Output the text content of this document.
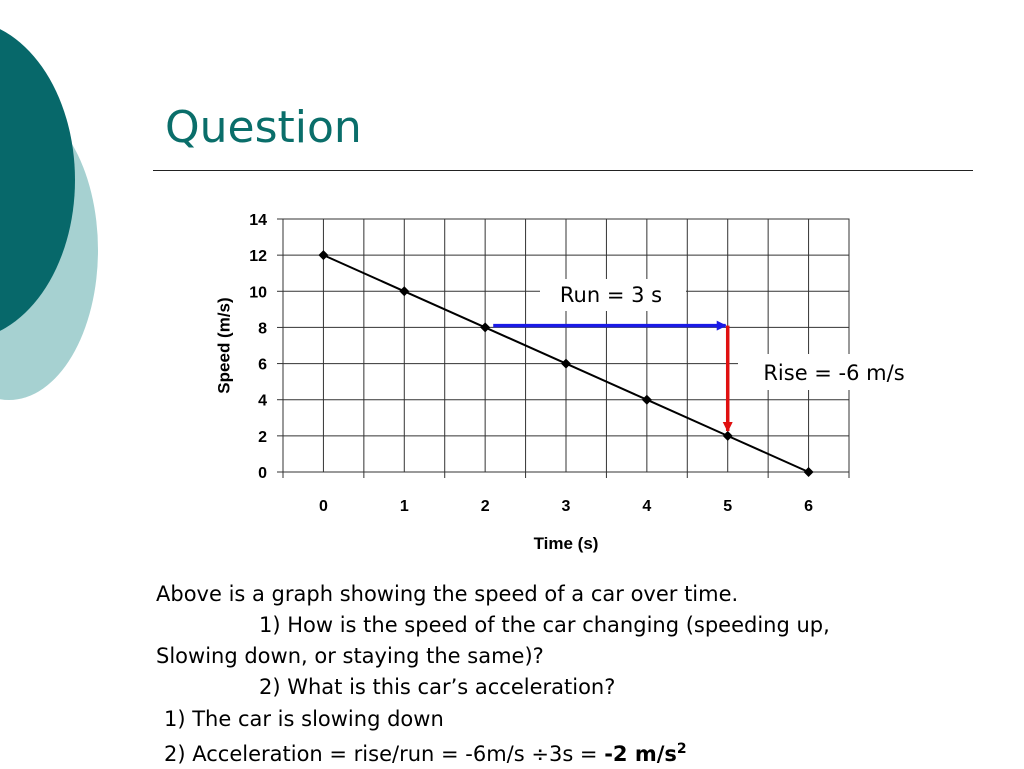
Question
0
2
4
6
8
10
12
14
0	1	2	3	4	5	6
Speed (m/s)
Time (s)
Run = 3 s
Rise = -6 m/s

Above is a graph showing the speed of a car over time.

1) How is the speed of the car changing (speeding up,

Slowing down, or staying the same)?

2) What is this car’s acceleration?

1) The car is slowing down

2) Acceleration = rise/run = -6m/s ÷3s = -2 $m/s^2$
